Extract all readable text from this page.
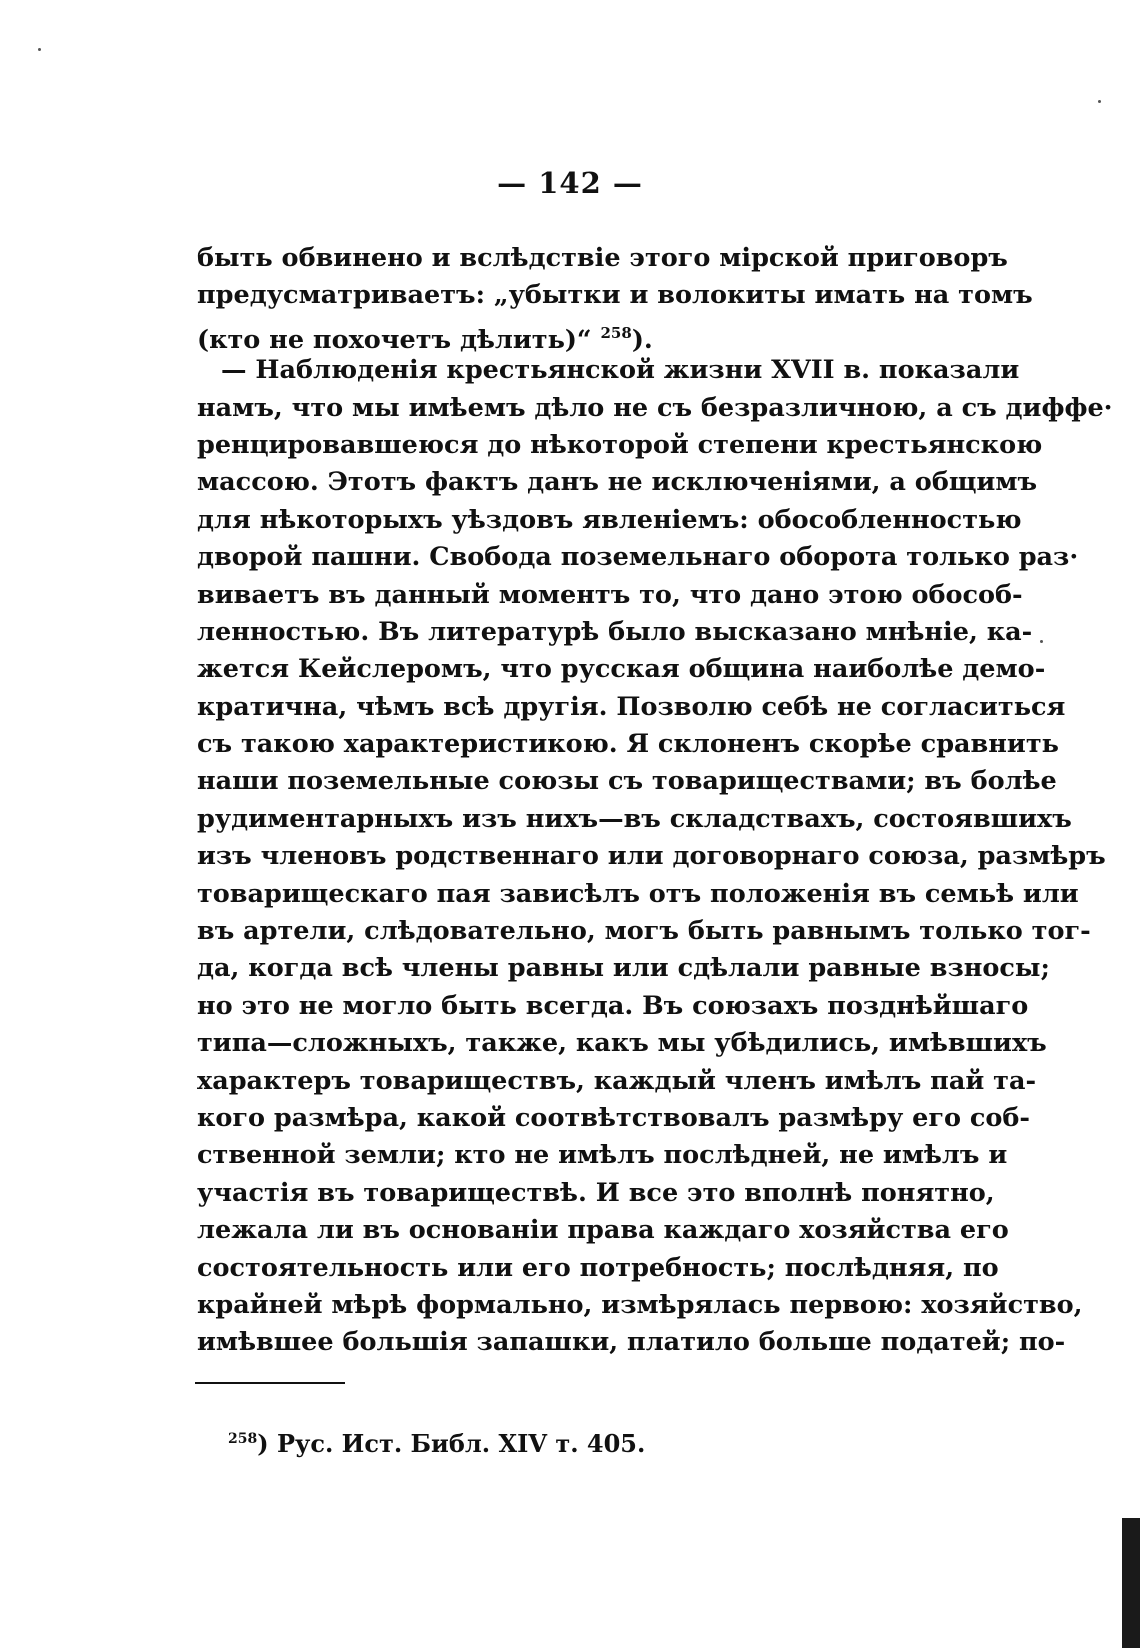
— 142 —
быть обвинено и вслѣдствіе этого мірской приговоръ
предусматриваетъ: „убытки и волокиты имать на томъ
(кто не похочетъ дѣлить)“ $^{258}$).
— Наблюденія крестьянской жизни XVII в. показали
намъ, что мы имѣемъ дѣло не съ безразличною, а съ диффе·
ренцировавшеюся до нѣкоторой степени крестьянскою
массою. Этотъ фактъ данъ не исключеніями, а общимъ
для нѣкоторыхъ уѣздовъ явленіемъ: обособленностью
дворой пашни. Свобода поземельнаго оборота только раз·
виваетъ въ данный моментъ то, что дано этою обособ-
ленностью. Въ литературѣ было высказано мнѣніе, ка-
жется Кейслеромъ, что русская община наиболѣе демо-
кратична, чѣмъ всѣ другія. Позволю себѣ не согласиться
съ такою характеристикою. Я склоненъ скорѣе сравнить
наши поземельные союзы съ товариществами; въ болѣе
рудиментарныхъ изъ нихъ—въ складствахъ, состоявшихъ
изъ членовъ родственнаго или договорнаго союза, размѣръ
товарищескаго пая зависѣлъ отъ положенія въ семьѣ или
въ артели, слѣдовательно, могъ быть равнымъ только тог-
да, когда всѣ члены равны или сдѣлали равные взносы;
но это не могло быть всегда. Въ союзахъ позднѣйшаго
типа—сложныхъ, также, какъ мы убѣдились, имѣвшихъ
характеръ товариществъ, каждый членъ имѣлъ пай та-
кого размѣра, какой соотвѣтствовалъ размѣру его соб-
ственной земли; кто не имѣлъ послѣдней, не имѣлъ и
участія въ товариществѣ. И все это вполнѣ понятно,
лежала ли въ основаніи права каждаго хозяйства его
состоятельность или его потребность; послѣдняя, по
крайней мѣрѣ формально, измѣрялась первою: хозяйство,
имѣвшее большія запашки, платило больше податей; по-
$^{258}$) Рус. Ист. Библ. XIV т. 405.
